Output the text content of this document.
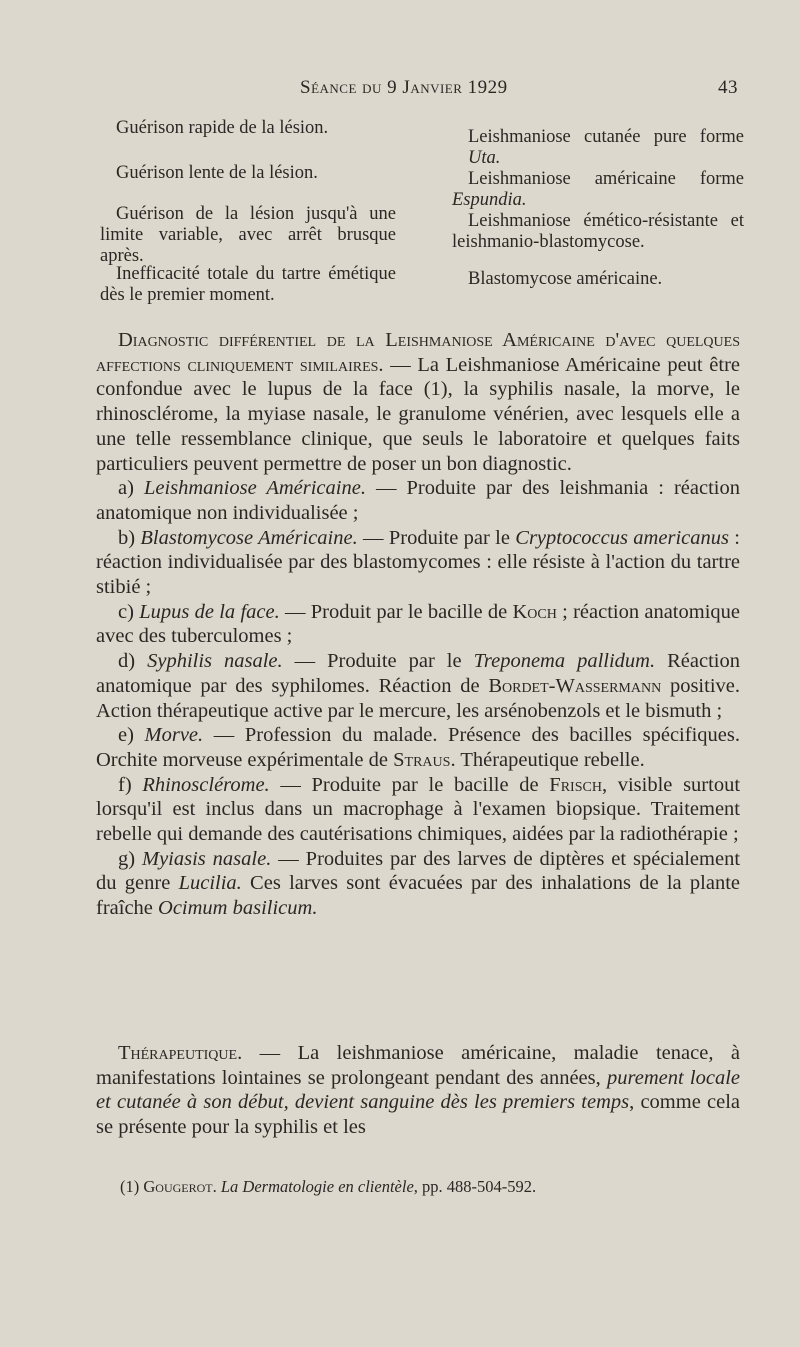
Séance du 9 Janvier 1929	43

Guérison rapide de la lésion.

Guérison lente de la lésion.

Guérison de la lésion jusqu'à une limite variable, avec arrêt brusque après.

Inefficacité totale du tartre émétique dès le premier moment.

Leishmaniose cutanée pure forme Uta.

Leishmaniose américaine forme Espundia.

Leishmaniose émético-résistante et leishmanio-blastomycose.

Blastomycose américaine.

Diagnostic différentiel de la Leishmaniose Américaine d'avec quelques affections cliniquement similaires. — La Leishmaniose Américaine peut être confondue avec le lupus de la face (1), la syphilis nasale, la morve, le rhinosclérome, la myiase nasale, le granulome vénérien, avec lesquels elle a une telle ressemblance clinique, que seuls le laboratoire et quelques faits particuliers peuvent permettre de poser un bon diagnostic.

a) Leishmaniose Américaine. — Produite par des leishmania : réaction anatomique non individualisée ;

b) Blastomycose Américaine. — Produite par le Cryptococcus americanus : réaction individualisée par des blastomycomes : elle résiste à l'action du tartre stibié ;

c) Lupus de la face. — Produit par le bacille de Koch ; réaction anatomique avec des tuberculomes ;

d) Syphilis nasale. — Produite par le Treponema pallidum. Réaction anatomique par des syphilomes. Réaction de Bordet-Wassermann positive. Action thérapeutique active par le mercure, les arsénobenzols et le bismuth ;

e) Morve. — Profession du malade. Présence des bacilles spécifiques. Orchite morveuse expérimentale de Straus. Thérapeutique rebelle.

f) Rhinosclérome. — Produite par le bacille de Frisch, visible surtout lorsqu'il est inclus dans un macrophage à l'examen biopsique. Traitement rebelle qui demande des cautérisations chimiques, aidées par la radiothérapie ;

g) Myiasis nasale. — Produites par des larves de diptères et spécialement du genre Lucilia. Ces larves sont évacuées par des inhalations de la plante fraîche Ocimum basilicum.

Thérapeutique. — La leishmaniose américaine, maladie tenace, à manifestations lointaines se prolongeant pendant des années, purement locale et cutanée à son début, devient sanguine dès les premiers temps, comme cela se présente pour la syphilis et les

(1) Gougerot. La Dermatologie en clientèle, pp. 488-504-592.
